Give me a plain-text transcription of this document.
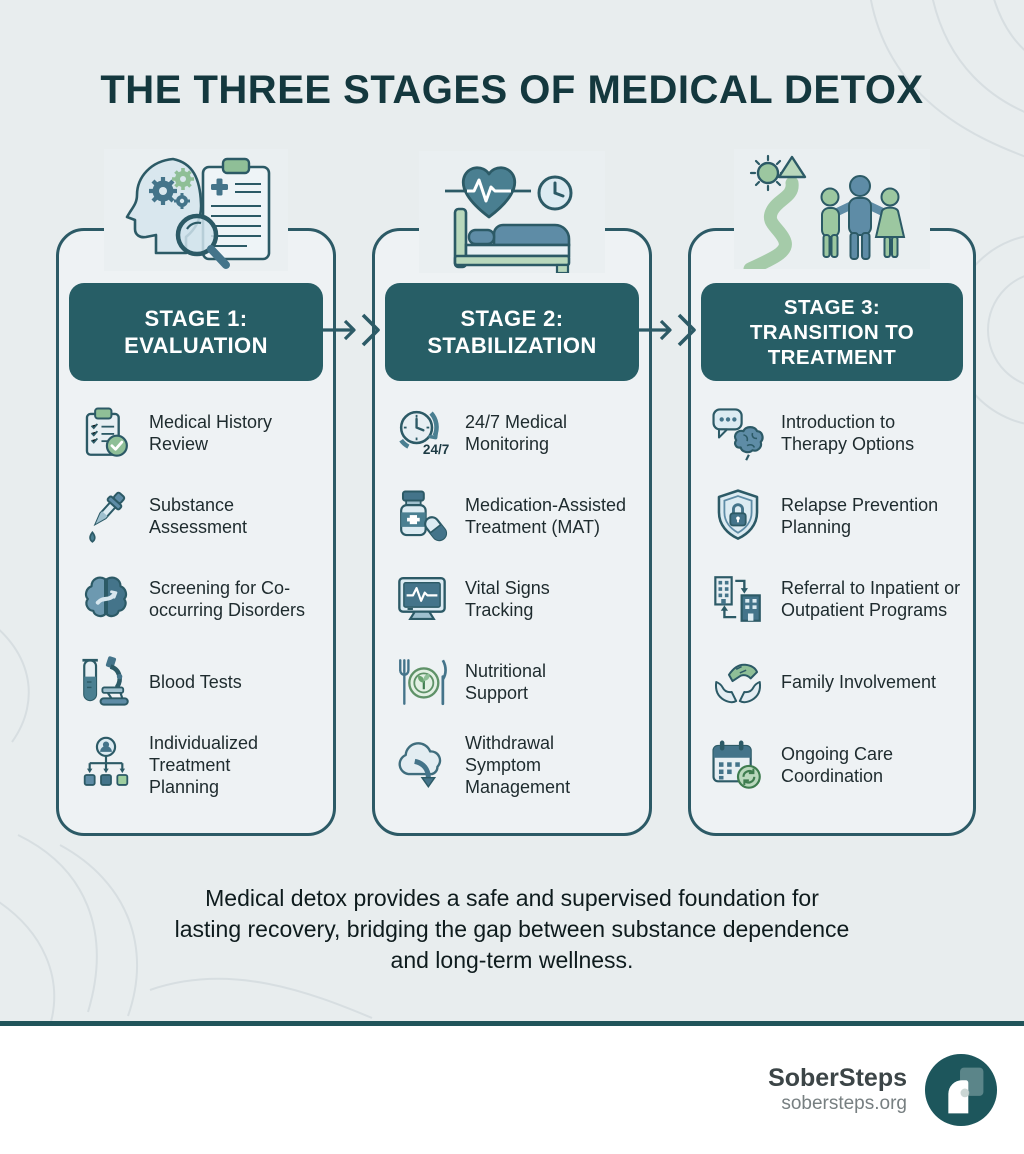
THE THREE STAGES OF MEDICAL DETOX
STAGE 1:
EVALUATION
Medical History Review
Substance Assessment
Screening for Co-occurring Disorders
Blood Tests
Individualized Treatment Planning
STAGE 2:
STABILIZATION
24/7
24/7 Medical Monitoring
Medication-Assisted Treatment (MAT)
Vital Signs Tracking
Nutritional Support
Withdrawal Symptom Management
STAGE 3:
TRANSITION TO
TREATMENT
Introduction to Therapy Options
Relapse Prevention Planning
Referral to Inpatient or Outpatient Programs
Family Involvement
Ongoing Care Coordination
Medical detox provides a safe and supervised foundation for
lasting recovery, bridging the gap between substance dependence
and long-term wellness.
SoberSteps
sobersteps.org
